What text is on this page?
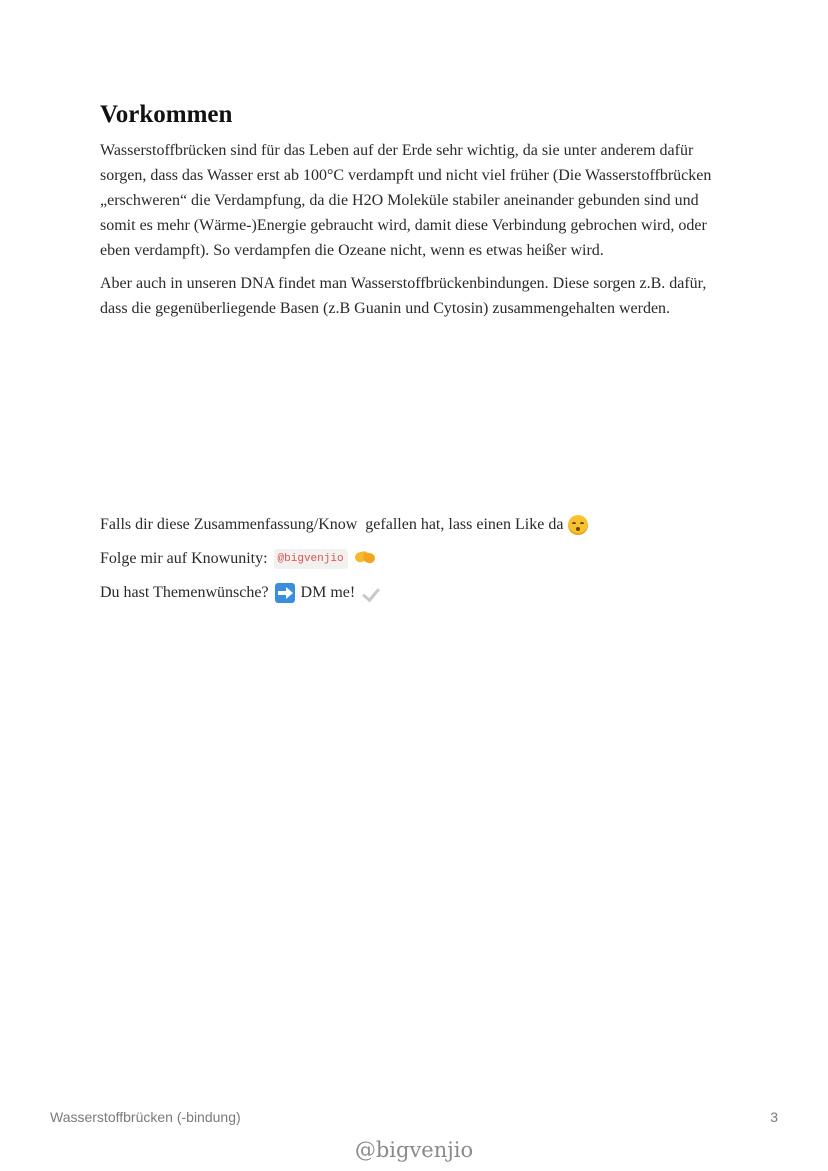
Vorkommen

Wasserstoffbrücken sind für das Leben auf der Erde sehr wichtig, da sie unter anderem dafür sorgen, dass das Wasser erst ab 100°C verdampft und nicht viel früher (Die Wasserstoffbrücken „erschweren“ die Verdampfung, da die H2O Moleküle stabiler aneinander gebunden sind und somit es mehr (Wärme-)Energie gebraucht wird, damit diese Verbindung gebrochen wird, oder eben verdampft). So verdampfen die Ozeane nicht, wenn es etwas heißer wird.

Aber auch in unseren DNA findet man Wasserstoffbrückenbindungen. Diese sorgen z.B. dafür, dass die gegenüberliegende Basen (z.B Guanin und Cytosin) zusammengehalten werden.

Falls dir diese Zusammenfassung/Know  gefallen hat, lass einen Like da

Folge mir auf Knowunity: @bigvenjio

Du hast Themenwünsche?

DM me!

Wasserstoffbrücken (-bindung)	3
@bigvenjio
